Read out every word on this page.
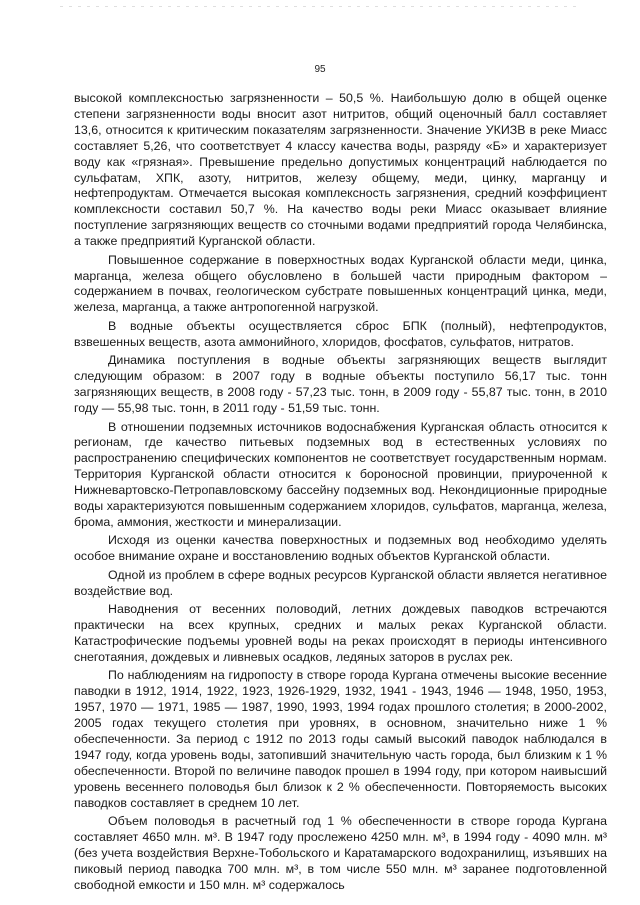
95

высокой комплексностью загрязненности – 50,5 %. Наибольшую долю в общей оценке степени загрязненности воды вносит азот нитритов, общий оценочный балл составляет 13,6, относится к критическим показателям загрязненности. Значение УКИЗВ в реке Миасс составляет 5,26, что соответствует 4 классу качества воды, разряду «Б» и характеризует воду как «грязная». Превышение предельно допустимых концентраций наблюдается по сульфатам, ХПК, азоту, нитритов, железу общему, меди, цинку, марганцу и нефтепродуктам. Отмечается высокая комплексность загрязнения, средний коэффициент комплексности составил 50,7 %. На качество воды реки Миасс оказывает влияние поступление загрязняющих веществ со сточными водами предприятий города Челябинска, а также предприятий Курганской области.

Повышенное содержание в поверхностных водах Курганской области меди, цинка, марганца, железа общего обусловлено в большей части природным фактором – содержанием в почвах, геологическом субстрате повышенных концентраций цинка, меди, железа, марганца, а также антропогенной нагрузкой.

В водные объекты осуществляется сброс БПК (полный), нефтепродуктов, взвешенных веществ, азота аммонийного, хлоридов, фосфатов, сульфатов, нитратов.

Динамика поступления в водные объекты загрязняющих веществ выглядит следующим образом: в 2007 году в водные объекты поступило 56,17 тыс. тонн загрязняющих веществ, в 2008 году - 57,23 тыс. тонн, в 2009 году - 55,87 тыс. тонн, в 2010 году — 55,98 тыс. тонн, в 2011 году - 51,59 тыс. тонн.

В отношении подземных источников водоснабжения Курганская область относится к регионам, где качество питьевых подземных вод в естественных условиях по распространению специфических компонентов не соответствует государственным нормам. Территория Курганской области относится к бороносной провинции, приуроченной к Нижневартовско-Петропавловскому бассейну подземных вод. Некондиционные природные воды характеризуются повышенным содержанием хлоридов, сульфатов, марганца, железа, брома, аммония, жесткости и минерализации.

Исходя из оценки качества поверхностных и подземных вод необходимо уделять особое внимание охране и восстановлению водных объектов Курганской области.

Одной из проблем в сфере водных ресурсов Курганской области является негативное воздействие вод.

Наводнения от весенних половодий, летних дождевых паводков встречаются практически на всех крупных, средних и малых реках Курганской области. Катастрофические подъемы уровней воды на реках происходят в периоды интенсивного снеготаяния, дождевых и ливневых осадков, ледяных заторов в руслах рек.

По наблюдениям на гидропосту в створе города Кургана отмечены высокие весенние паводки в 1912, 1914, 1922, 1923, 1926-1929, 1932, 1941 - 1943, 1946 — 1948, 1950, 1953, 1957, 1970 — 1971, 1985 — 1987, 1990, 1993, 1994 годах прошлого столетия; в 2000-2002, 2005 годах текущего столетия при уровнях, в основном, значительно ниже 1 % обеспеченности. За период с 1912 по 2013 годы самый высокий паводок наблюдался в 1947 году, когда уровень воды, затопивший значительную часть города, был близким к 1 % обеспеченности. Второй по величине паводок прошел в 1994 году, при котором наивысший уровень весеннего половодья был близок к 2 % обеспеченности. Повторяемость высоких паводков составляет в среднем 10 лет.

Объем половодья в расчетный год 1 % обеспеченности в створе города Кургана составляет 4650 млн. м³. В 1947 году прослежено 4250 млн. м³, в 1994 году - 4090 млн. м³ (без учета воздействия Верхне-Тобольского и Каратамарского водохранилищ, изъявших на пиковый период паводка 700 млн. м³, в том числе 550 млн. м³ заранее подготовленной свободной емкости и 150 млн. м³ содержалось
